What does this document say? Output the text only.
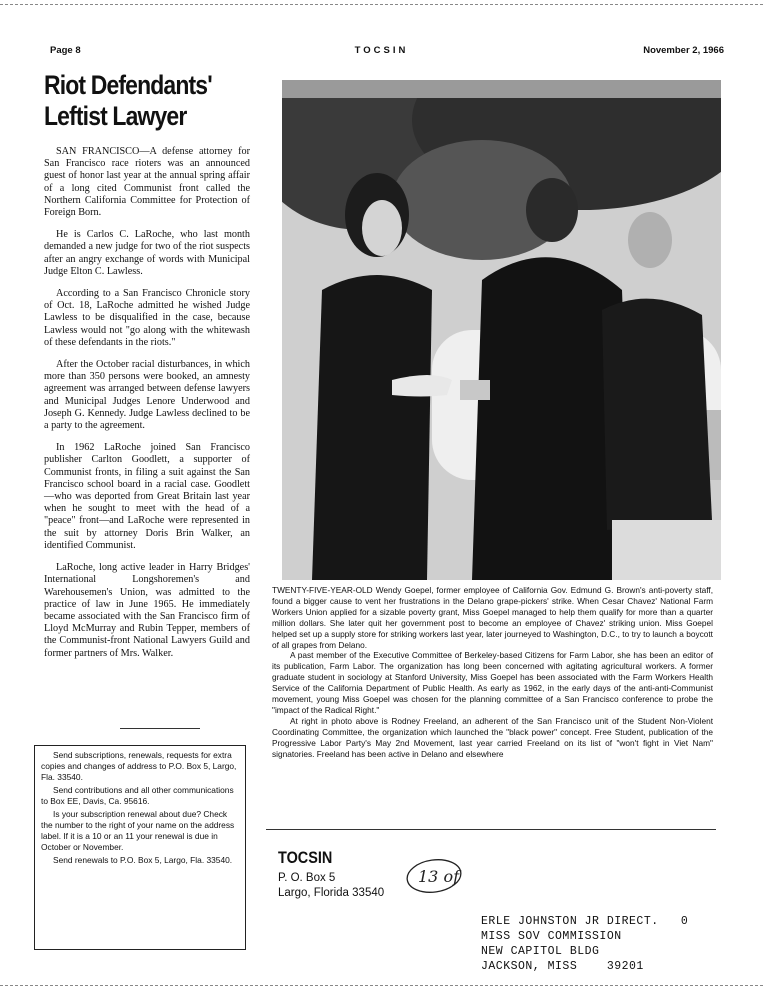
Page 8	TOCSIN	November 2, 1966
Riot Defendants'
Leftist Lawyer

SAN FRANCISCO—A defense attorney for San Francisco race rioters was an announced guest of honor last year at the annual spring affair of a long cited Communist front called the Northern California Committee for Protection of Foreign Born.

He is Carlos C. LaRoche, who last month demanded a new judge for two of the riot suspects after an angry exchange of words with Municipal Judge Elton C. Lawless.

According to a San Francisco Chronicle story of Oct. 18, LaRoche admitted he wished Judge Lawless to be disqualified in the case, because Lawless would not "go along with the whitewash of these defendants in the riots."

After the October racial disturbances, in which more than 350 persons were booked, an amnesty agreement was arranged between defense lawyers and Municipal Judges Lenore Underwood and Joseph G. Kennedy. Judge Lawless declined to be a party to the agreement.

In 1962 LaRoche joined San Francisco publisher Carlton Goodlett, a supporter of Communist fronts, in filing a suit against the San Francisco school board in a racial case. Goodlett—who was deported from Great Britain last year when he sought to meet with the head of a "peace" front—and LaRoche were represented in the suit by attorney Doris Brin Walker, an identified Communist.

LaRoche, long active leader in Harry Bridges' International Longshoremen's and Warehousemen's Union, was admitted to the practice of law in June 1965. He immediately became associated with the San Francisco firm of Lloyd McMurray and Rubin Tepper, members of the Communist-front National Lawyers Guild and former partners of Mrs. Walker.

Send subscriptions, renewals, requests for extra copies and changes of address to P.O. Box 5, Largo, Fla. 33540.

Send contributions and all other communications to Box EE, Davis, Ca. 95616.

Is your subscription renewal about due? Check the number to the right of your name on the address label. If it is a 10 or an 11 your renewal is due in October or November.

Send renewals to P.O. Box 5, Largo, Fla. 33540.

TWENTY-FIVE-YEAR-OLD Wendy Goepel, former employee of California Gov. Edmund G. Brown's anti-poverty staff, found a bigger cause to vent her frustrations in the Delano grape-pickers' strike. When Cesar Chavez' National Farm Workers Union applied for a sizable poverty grant, Miss Goepel managed to help them qualify for more than a quarter million dollars. She later quit her government post to become an employee of Chavez' striking union. Miss Goepel helped set up a supply store for striking workers last year, later journeyed to Washington, D.C., to try to launch a boycott of all grapes from Delano.

A past member of the Executive Committee of Berkeley-based Citizens for Farm Labor, she has been an editor of its publication, Farm Labor. The organization has long been concerned with agitating agricultural workers. A former graduate student in sociology at Stanford University, Miss Goepel has been associated with the Farm Workers Health Service of the California Department of Public Health. As early as 1962, in the early days of the anti-anti-Communist movement, young Miss Goepel was chosen for the planning committee of a San Francisco conference to probe the "impact of the Radical Right."

At right in photo above is Rodney Freeland, an adherent of the San Francisco unit of the Student Non-Violent Coordinating Committee, the organization which launched the "black power" concept. Free Student, publication of the Progressive Labor Party's May 2nd Movement, last year carried Freeland on its list of "won't fight in Viet Nam" signatories. Freeland has been active in Delano and elsewhere

TOCSIN
P. O. Box 5
Largo, Florida 33540
13 of
ERLE JOHNSTON JR DIRECT.   0
MISS SOV COMMISSION
NEW CAPITOL BLDG
JACKSON, MISS    39201
